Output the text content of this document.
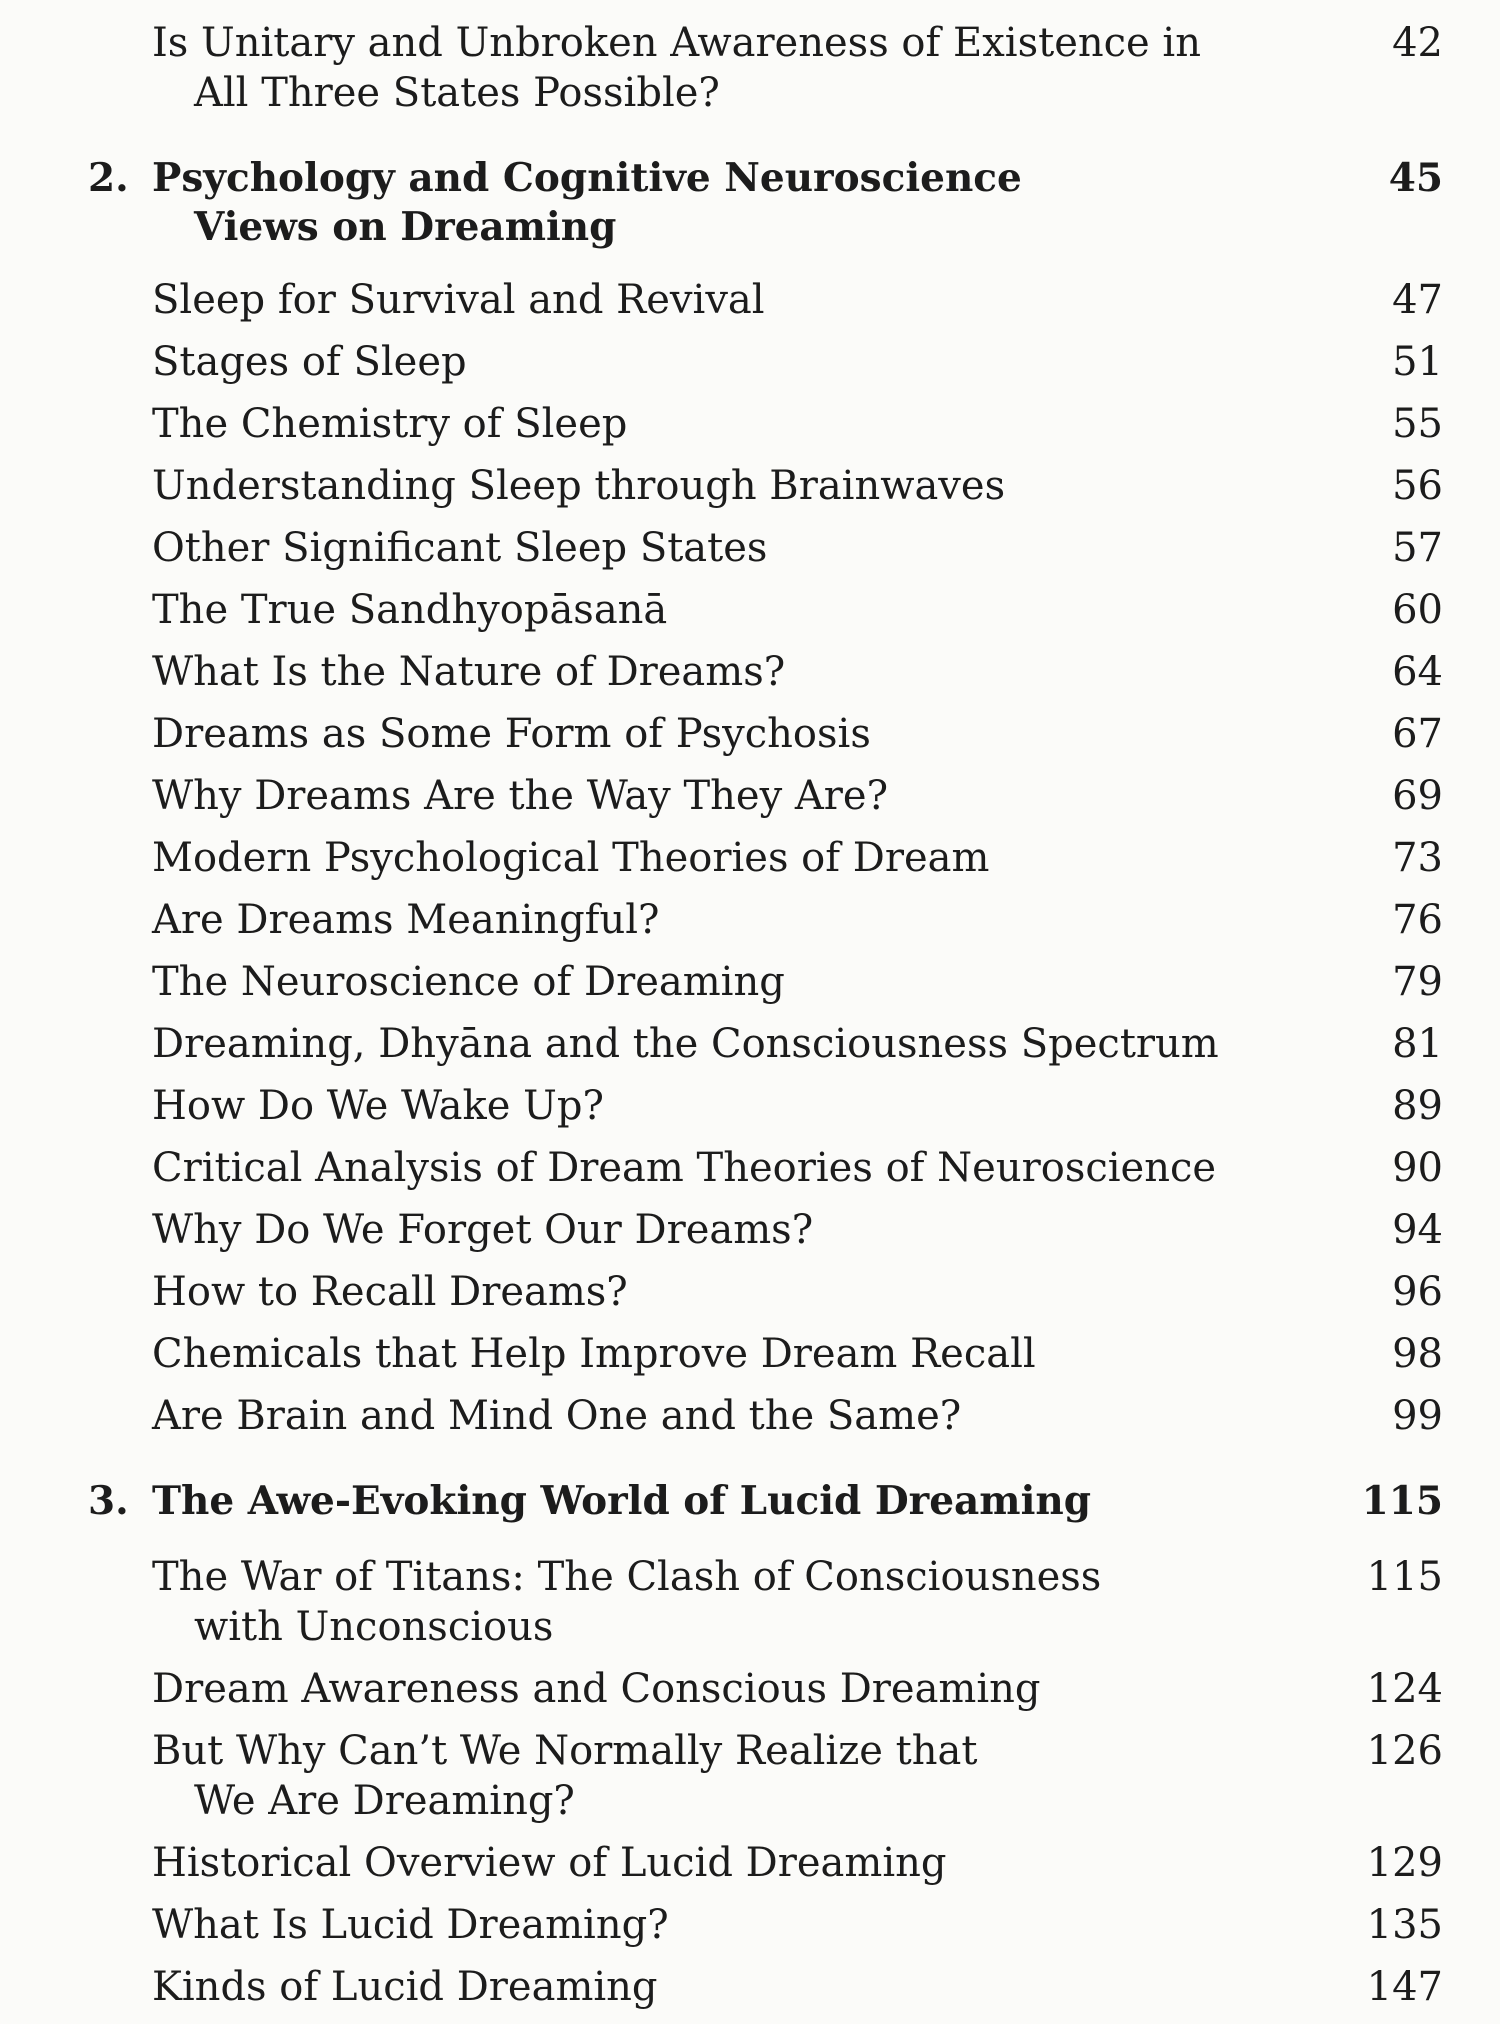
Is Unitary and Unbroken Awareness of Existence in
All Three States Possible?
42
2. Psychology and Cognitive Neuroscience
Views on Dreaming
45
Sleep for Survival and Revival	47
Stages of Sleep	51
The Chemistry of Sleep	55
Understanding Sleep through Brainwaves	56
Other Significant Sleep States	57
The True Sandhyopāsanā	60
What Is the Nature of Dreams?	64
Dreams as Some Form of Psychosis	67
Why Dreams Are the Way They Are?	69
Modern Psychological Theories of Dream	73
Are Dreams Meaningful?	76
The Neuroscience of Dreaming	79
Dreaming, Dhyāna and the Consciousness Spectrum	81
How Do We Wake Up?	89
Critical Analysis of Dream Theories of Neuroscience	90
Why Do We Forget Our Dreams?	94
How to Recall Dreams?	96
Chemicals that Help Improve Dream Recall	98
Are Brain and Mind One and the Same?	99
3. The Awe-Evoking World of Lucid Dreaming	115
The War of Titans: The Clash of Consciousness
with Unconscious
115
Dream Awareness and Conscious Dreaming	124
But Why Can’t We Normally Realize that
We Are Dreaming?
126
Historical Overview of Lucid Dreaming	129
What Is Lucid Dreaming?	135
Kinds of Lucid Dreaming	147
